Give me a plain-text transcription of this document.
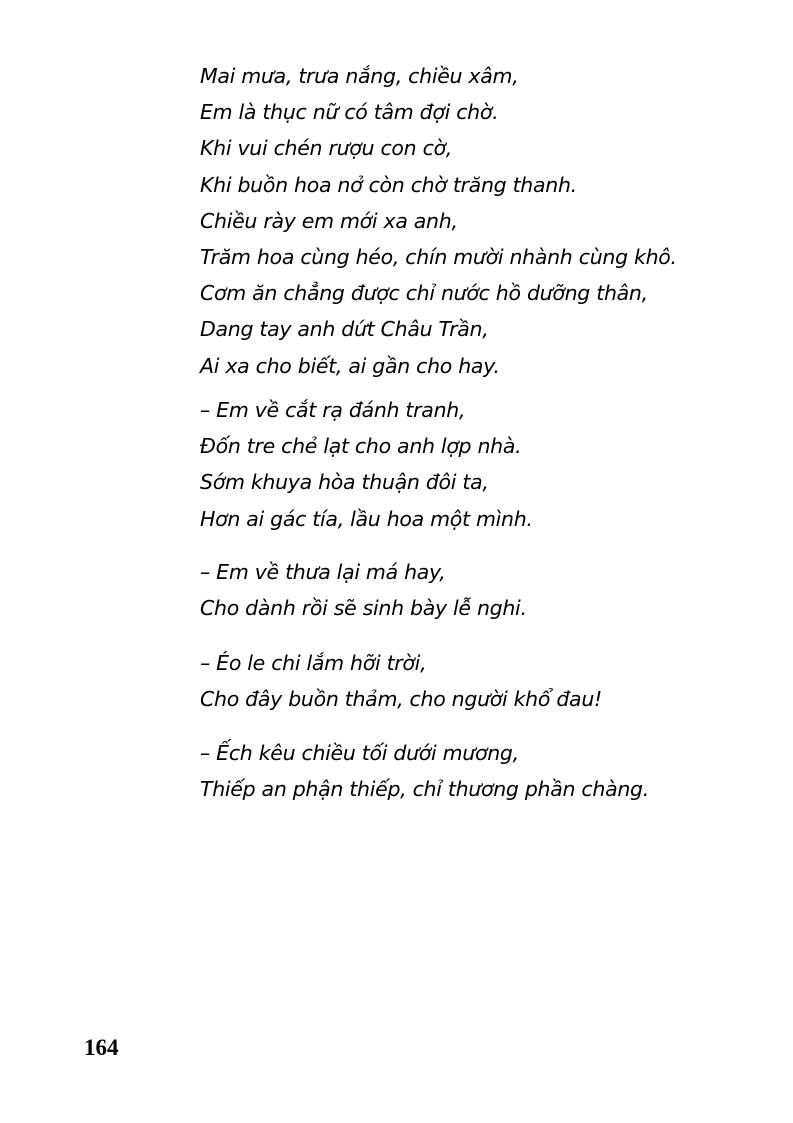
Mai mưa, trưa nắng, chiều xâm,
Em là thục nữ có tâm đợi chờ.
Khi vui chén rượu con cờ,
Khi buồn hoa nở còn chờ trăng thanh.
Chiều rày em mới xa anh,
Trăm hoa cùng héo, chín mười nhành cùng khô.
Cơm ăn chẳng được chỉ nước hồ dưỡng thân,
Dang tay anh dứt Châu Trần,
Ai xa cho biết, ai gần cho hay.
– Em về cắt rạ đánh tranh,
Đốn tre chẻ lạt cho anh lợp nhà.
Sớm khuya hòa thuận đôi ta,
Hơn ai gác tía, lầu hoa một mình.
– Em về thưa lại má hay,
Cho dành rồi sẽ sinh bày lễ nghi.
– Éo le chi lắm hỡi trời,
Cho đây buồn thảm, cho người khổ đau!
– Ếch kêu chiều tối dưới mương,
Thiếp an phận thiếp, chỉ thương phần chàng.
164
